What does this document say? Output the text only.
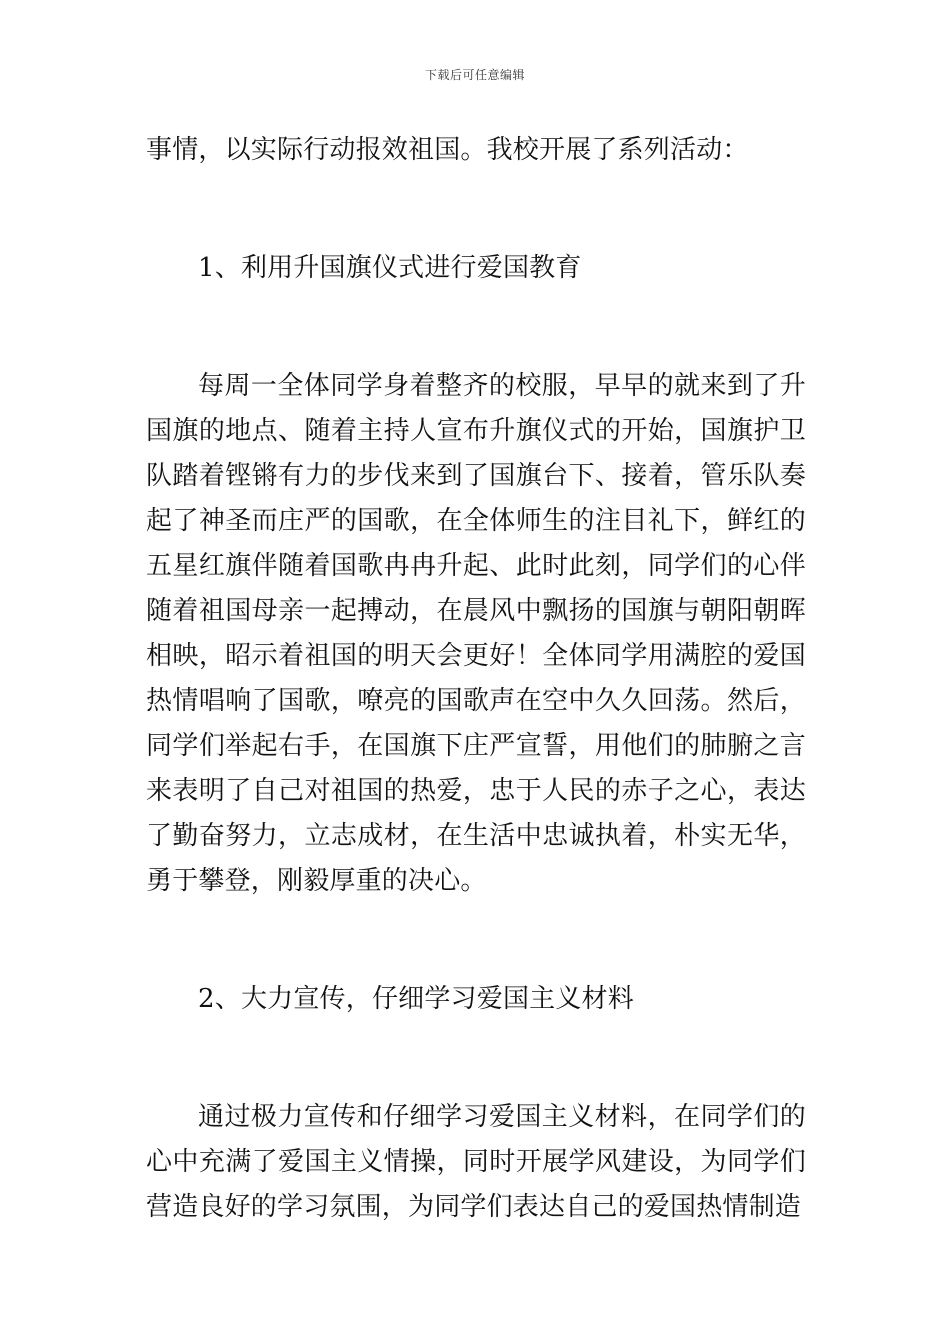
下载后可任意编辑

事情，以实际行动报效祖国。我校开展了系列活动：

1、利用升国旗仪式进行爱国教育

每周一全体同学身着整齐的校服，早早的就来到了升国旗的地点、随着主持人宣布升旗仪式的开始，国旗护卫队踏着铿锵有力的步伐来到了国旗台下、接着，管乐队奏起了神圣而庄严的国歌，在全体师生的注目礼下，鲜红的五星红旗伴随着国歌冉冉升起、此时此刻，同学们的心伴随着祖国母亲一起搏动，在晨风中飘扬的国旗与朝阳朝晖相映，昭示着祖国的明天会更好！全体同学用满腔的爱国热情唱响了国歌，嘹亮的国歌声在空中久久回荡。然后，同学们举起右手，在国旗下庄严宣誓，用他们的肺腑之言来表明了自己对祖国的热爱，忠于人民的赤子之心，表达了勤奋努力，立志成材，在生活中忠诚执着，朴实无华，勇于攀登，刚毅厚重的决心。

2、大力宣传，仔细学习爱国主义材料

通过极力宣传和仔细学习爱国主义材料，在同学们的心中充满了爱国主义情操，同时开展学风建设，为同学们营造良好的学习氛围，为同学们表达自己的爱国热情制造
